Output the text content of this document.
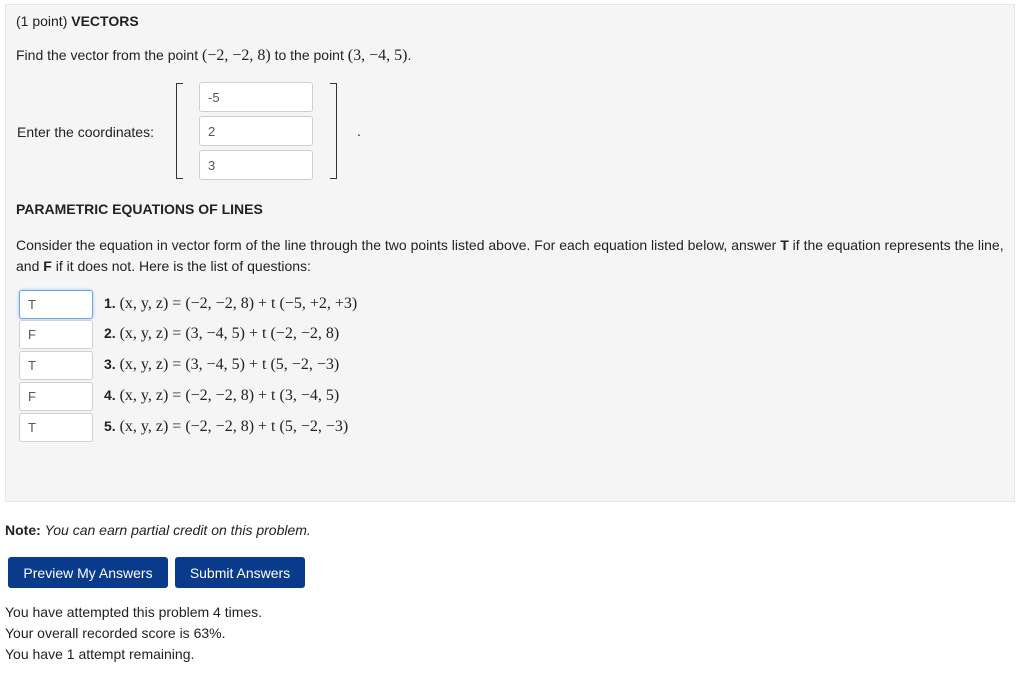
(1 point) VECTORS
Find the vector from the point (−2, −2, 8) to the point (3, −4, 5).
Enter the coordinates:
-5
2
3	.
PARAMETRIC EQUATIONS OF LINES
Consider the equation in vector form of the line through the two points listed above. For each equation listed below, answer T if the equation represents the line, and F if it does not. Here is the list of questions:
T
1. (x, y, z) = (−2, −2, 8) + t (−5, +2, +3)
F
2. (x, y, z) = (3, −4, 5) + t (−2, −2, 8)
T
3. (x, y, z) = (3, −4, 5) + t (5, −2, −3)
F
4. (x, y, z) = (−2, −2, 8) + t (3, −4, 5)
T
5. (x, y, z) = (−2, −2, 8) + t (5, −2, −3)
Note: You can earn partial credit on this problem.
Preview My Answers	Submit Answers
You have attempted this problem 4 times.
Your overall recorded score is 63%.
You have 1 attempt remaining.
